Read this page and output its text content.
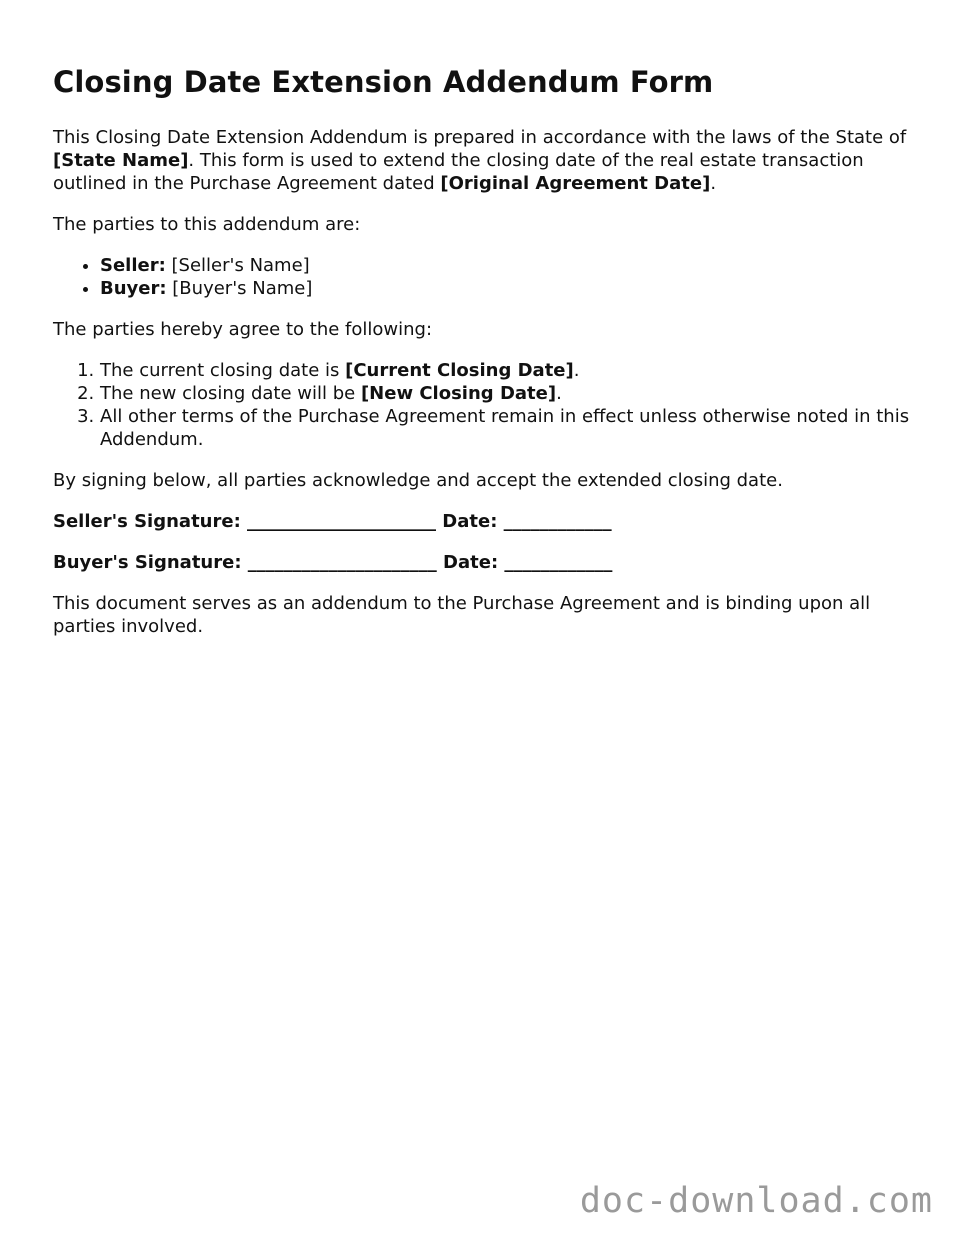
Closing Date Extension Addendum Form

This Closing Date Extension Addendum is prepared in accordance with the laws of the State of [State Name]. This form is used to extend the closing date of the real estate transaction outlined in the Purchase Agreement dated [Original Agreement Date].

The parties to this addendum are:

• Seller: [Seller's Name]
• Buyer: [Buyer's Name]

The parties hereby agree to the following:

1. The current closing date is [Current Closing Date].
2. The new closing date will be [New Closing Date].
3. All other terms of the Purchase Agreement remain in effect unless otherwise noted in this Addendum.

By signing below, all parties acknowledge and accept the extended closing date.

Seller's Signature: _____________________ Date: ____________

Buyer's Signature: _____________________ Date: ____________

This document serves as an addendum to the Purchase Agreement and is binding upon all parties involved.

doc-download.com
